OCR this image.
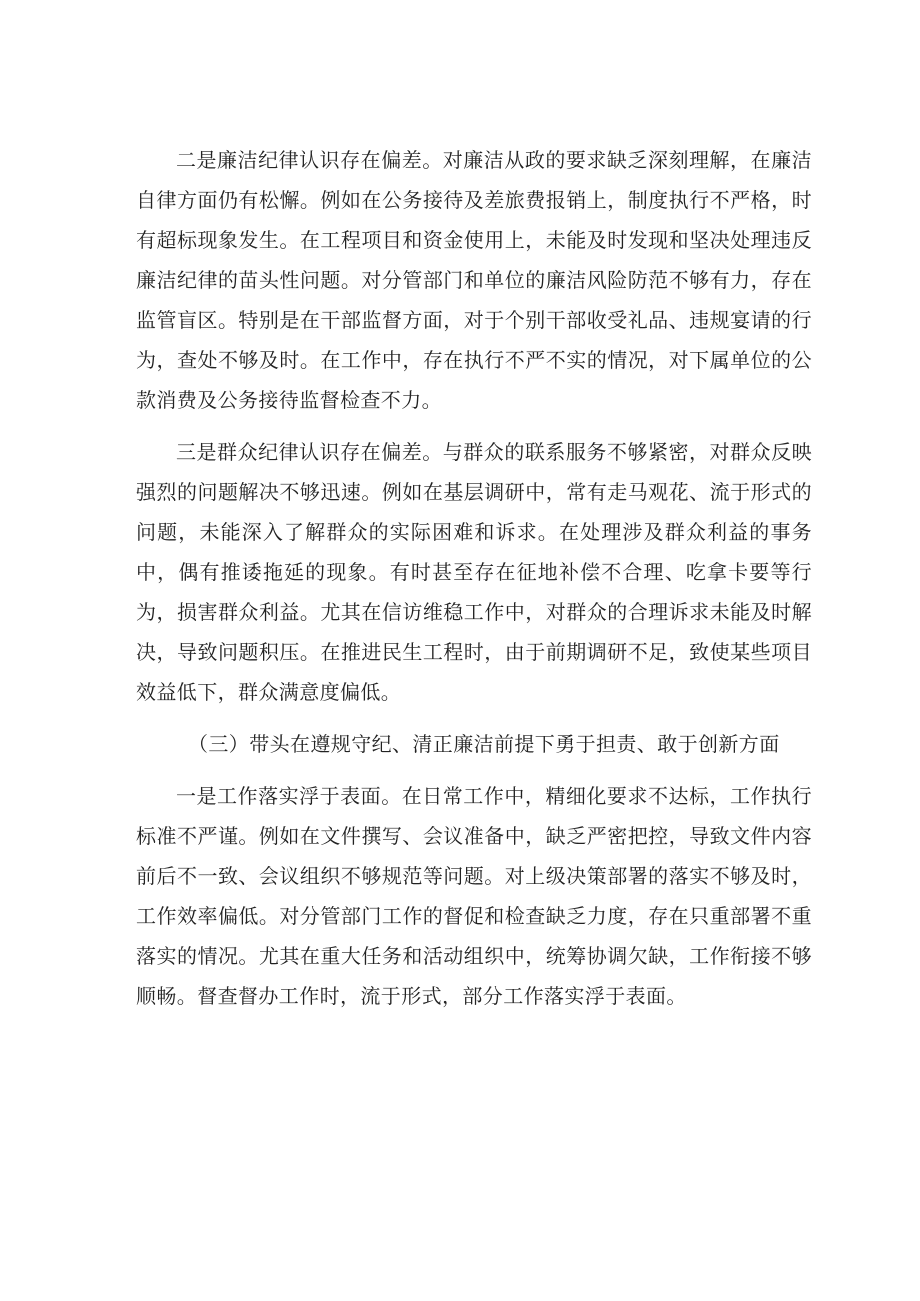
二是廉洁纪律认识存在偏差。对廉洁从政的要求缺乏深刻理解，在廉洁自律方面仍有松懈。例如在公务接待及差旅费报销上，制度执行不严格，时有超标现象发生。在工程项目和资金使用上，未能及时发现和坚决处理违反廉洁纪律的苗头性问题。对分管部门和单位的廉洁风险防范不够有力，存在监管盲区。特别是在干部监督方面，对于个别干部收受礼品、违规宴请的行为，查处不够及时。在工作中，存在执行不严不实的情况，对下属单位的公款消费及公务接待监督检查不力。

三是群众纪律认识存在偏差。与群众的联系服务不够紧密，对群众反映强烈的问题解决不够迅速。例如在基层调研中，常有走马观花、流于形式的问题，未能深入了解群众的实际困难和诉求。在处理涉及群众利益的事务中，偶有推诿拖延的现象。有时甚至存在征地补偿不合理、吃拿卡要等行为，损害群众利益。尤其在信访维稳工作中，对群众的合理诉求未能及时解决，导致问题积压。在推进民生工程时，由于前期调研不足，致使某些项目效益低下，群众满意度偏低。

（三）带头在遵规守纪、清正廉洁前提下勇于担责、敢于创新方面

一是工作落实浮于表面。在日常工作中，精细化要求不达标，工作执行标准不严谨。例如在文件撰写、会议准备中，缺乏严密把控，导致文件内容前后不一致、会议组织不够规范等问题。对上级决策部署的落实不够及时，工作效率偏低。对分管部门工作的督促和检查缺乏力度，存在只重部署不重落实的情况。尤其在重大任务和活动组织中，统筹协调欠缺，工作衔接不够顺畅。督查督办工作时，流于形式，部分工作落实浮于表面。
